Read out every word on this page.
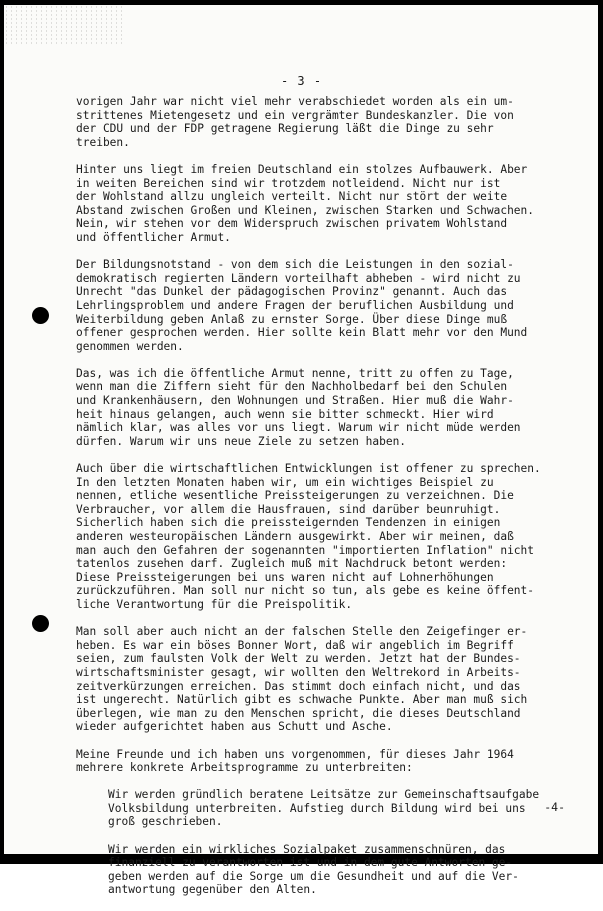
- 3 -
vorigen Jahr war nicht viel mehr verabschiedet worden als ein um-
strittenes Mietengesetz und ein vergrämter Bundeskanzler. Die von
der CDU und der FDP getragene Regierung läßt die Dinge zu sehr
treiben.
Hinter uns liegt im freien Deutschland ein stolzes Aufbauwerk. Aber
in weiten Bereichen sind wir trotzdem notleidend. Nicht nur ist
der Wohlstand allzu ungleich verteilt. Nicht nur stört der weite
Abstand zwischen Großen und Kleinen, zwischen Starken und Schwachen.
Nein, wir stehen vor dem Widerspruch zwischen privatem Wohlstand
und öffentlicher Armut.
Der Bildungsnotstand - von dem sich die Leistungen in den sozial-
demokratisch regierten Ländern vorteilhaft abheben - wird nicht zu
Unrecht "das Dunkel der pädagogischen Provinz" genannt. Auch das
Lehrlingsproblem und andere Fragen der beruflichen Ausbildung und
Weiterbildung geben Anlaß zu ernster Sorge. Über diese Dinge muß
offener gesprochen werden. Hier sollte kein Blatt mehr vor den Mund
genommen werden.
Das, was ich die öffentliche Armut nenne, tritt zu offen zu Tage,
wenn man die Ziffern sieht für den Nachholbedarf bei den Schulen
und Krankenhäusern, den Wohnungen und Straßen. Hier muß die Wahr-
heit hinaus gelangen, auch wenn sie bitter schmeckt. Hier wird
nämlich klar, was alles vor uns liegt. Warum wir nicht müde werden
dürfen. Warum wir uns neue Ziele zu setzen haben.
Auch über die wirtschaftlichen Entwicklungen ist offener zu sprechen.
In den letzten Monaten haben wir, um ein wichtiges Beispiel zu
nennen, etliche wesentliche Preissteigerungen zu verzeichnen. Die
Verbraucher, vor allem die Hausfrauen, sind darüber beunruhigt.
Sicherlich haben sich die preissteigernden Tendenzen in einigen
anderen westeuropäischen Ländern ausgewirkt. Aber wir meinen, daß
man auch den Gefahren der sogenannten "importierten Inflation" nicht
tatenlos zusehen darf. Zugleich muß mit Nachdruck betont werden:
Diese Preissteigerungen bei uns waren nicht auf Lohnerhöhungen
zurückzuführen. Man soll nur nicht so tun, als gebe es keine öffent-
liche Verantwortung für die Preispolitik.
Man soll aber auch nicht an der falschen Stelle den Zeigefinger er-
heben. Es war ein böses Bonner Wort, daß wir angeblich im Begriff
seien, zum faulsten Volk der Welt zu werden. Jetzt hat der Bundes-
wirtschaftsminister gesagt, wir wollten den Weltrekord in Arbeits-
zeitverkürzungen erreichen. Das stimmt doch einfach nicht, und das
ist ungerecht. Natürlich gibt es schwache Punkte. Aber man muß sich
überlegen, wie man zu den Menschen spricht, die dieses Deutschland
wieder aufgerichtet haben aus Schutt und Asche.
Meine Freunde und ich haben uns vorgenommen, für dieses Jahr 1964
mehrere konkrete Arbeitsprogramme zu unterbreiten:
Wir werden gründlich beratene Leitsätze zur Gemeinschaftsaufgabe
Volksbildung unterbreiten. Aufstieg durch Bildung wird bei uns
groß geschrieben.
Wir werden ein wirkliches Sozialpaket zusammenschnüren, das
finanziell zu verantworten ist und in dem gute Antworten ge-
geben werden auf die Sorge um die Gesundheit und auf die Ver-
antwortung gegenüber den Alten.
-4-
